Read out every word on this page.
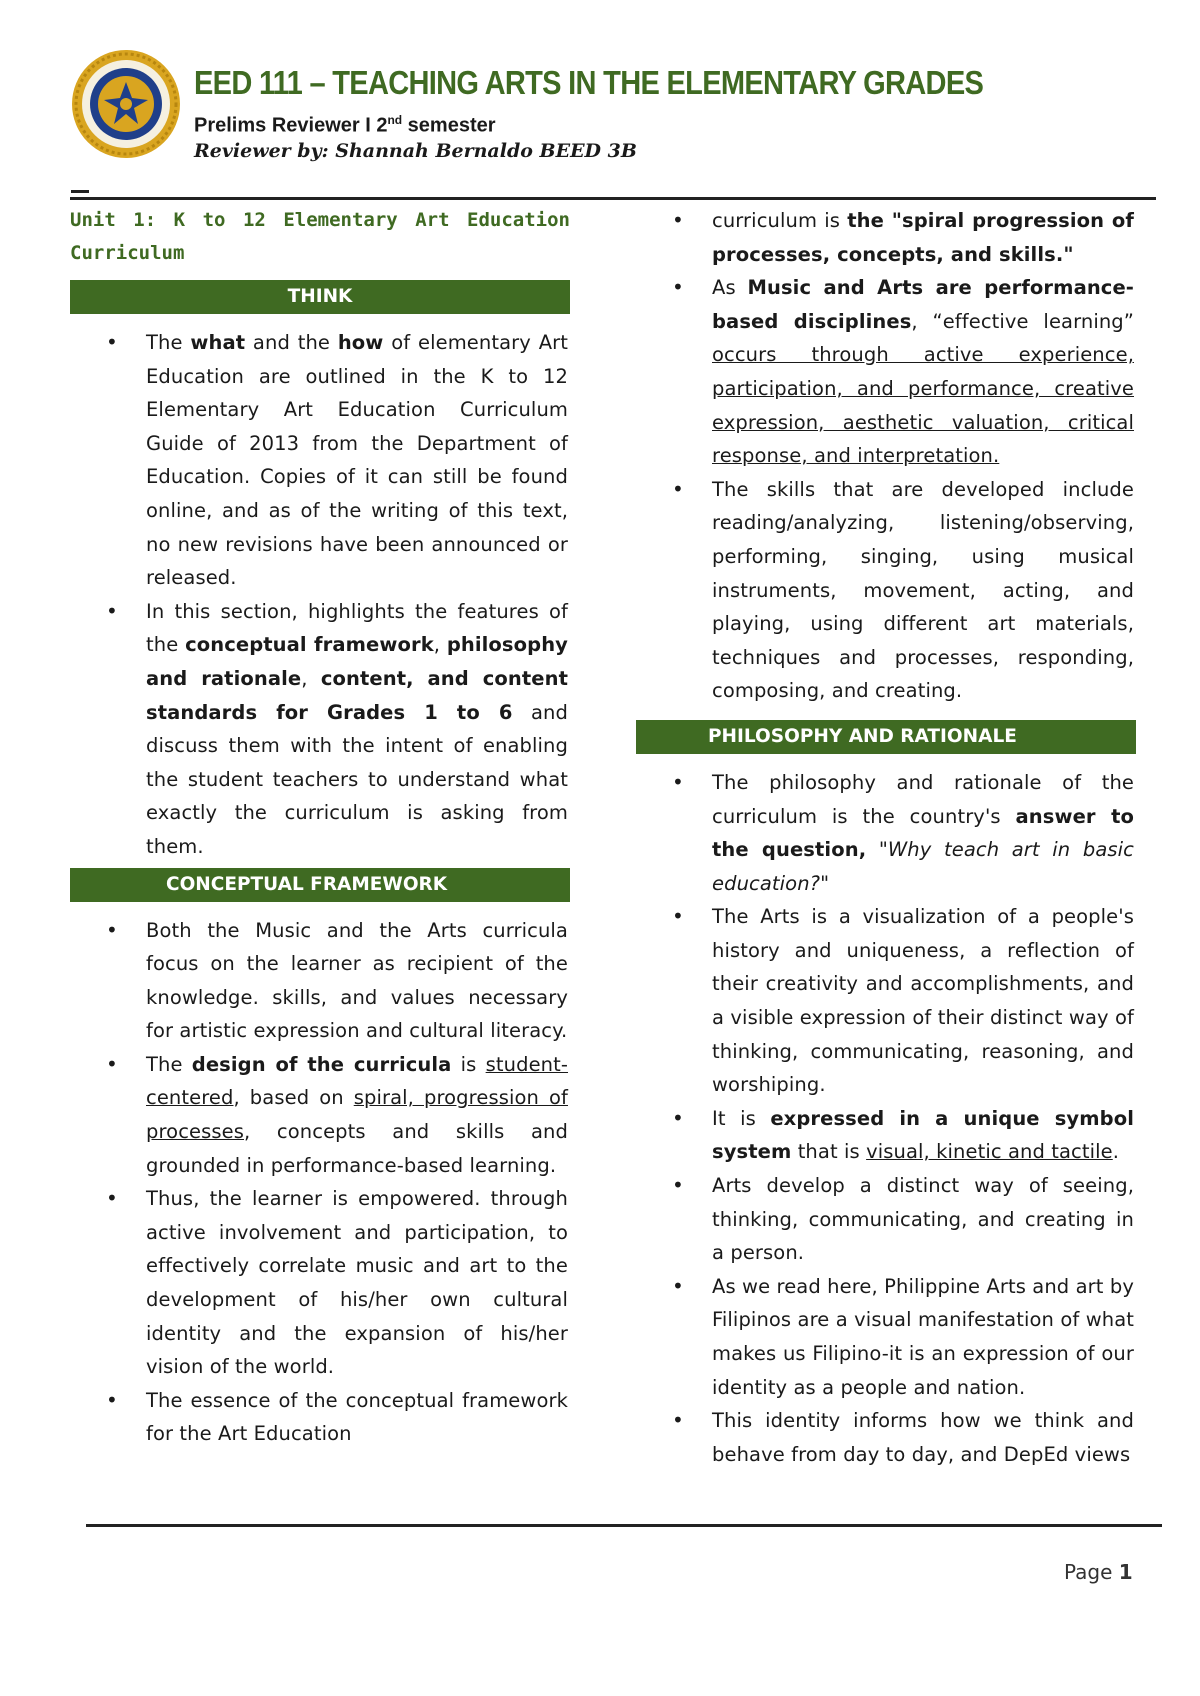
EED 111 – TEACHING ARTS IN THE ELEMENTARY GRADES
Prelims Reviewer I 2nd semester
Reviewer by: Shannah Bernaldo BEED 3B

Unit 1: K to 12 Elementary Art Education Curriculum

THINK
• The what and the how of elementary Art Education are outlined in the K to 12 Elementary Art Education Curriculum Guide of 2013 from the Department of Education. Copies of it can still be found online, and as of the writing of this text, no new revisions have been announced or released.
• In this section, highlights the features of the conceptual framework, philosophy and rationale, content, and content standards for Grades 1 to 6 and discuss them with the intent of enabling the student teachers to understand what exactly the curriculum is asking from them.
CONCEPTUAL FRAMEWORK
• Both the Music and the Arts curricula focus on the learner as recipient of the knowledge. skills, and values necessary for artistic expression and cultural literacy.
• The design of the curricula is student-centered, based on spiral, progression of processes, concepts and skills and grounded in performance-based learning.
• Thus, the learner is empowered. through active involvement and participation, to effectively correlate music and art to the development of his/her own cultural identity and the expansion of his/her vision of the world.
• The essence of the conceptual framework for the Art Education
• curriculum is the "spiral progression of processes, concepts, and skills."
• As Music and Arts are performance-based disciplines, “effective learning” occurs through active experience, participation, and performance, creative expression, aesthetic valuation, critical response, and interpretation.
• The skills that are developed include reading/analyzing, listening/observing, performing, singing, using musical instruments, movement, acting, and playing, using different art materials, techniques and processes, responding, composing, and creating.
PHILOSOPHY AND RATIONALE
• The philosophy and rationale of the curriculum is the country's answer to the question, "Why teach art in basic education?"
• The Arts is a visualization of a people's history and uniqueness, a reflection of their creativity and accomplishments, and a visible expression of their distinct way of thinking, communicating, reasoning, and worshiping.
• It is expressed in a unique symbol system that is visual, kinetic and tactile.
• Arts develop a distinct way of seeing, thinking, communicating, and creating in a person.
• As we read here, Philippine Arts and art by Filipinos are a visual manifestation of what makes us Filipino-it is an expression of our identity as a people and nation.
• This identity informs how we think and behave from day to day, and DepEd views
Page 1
